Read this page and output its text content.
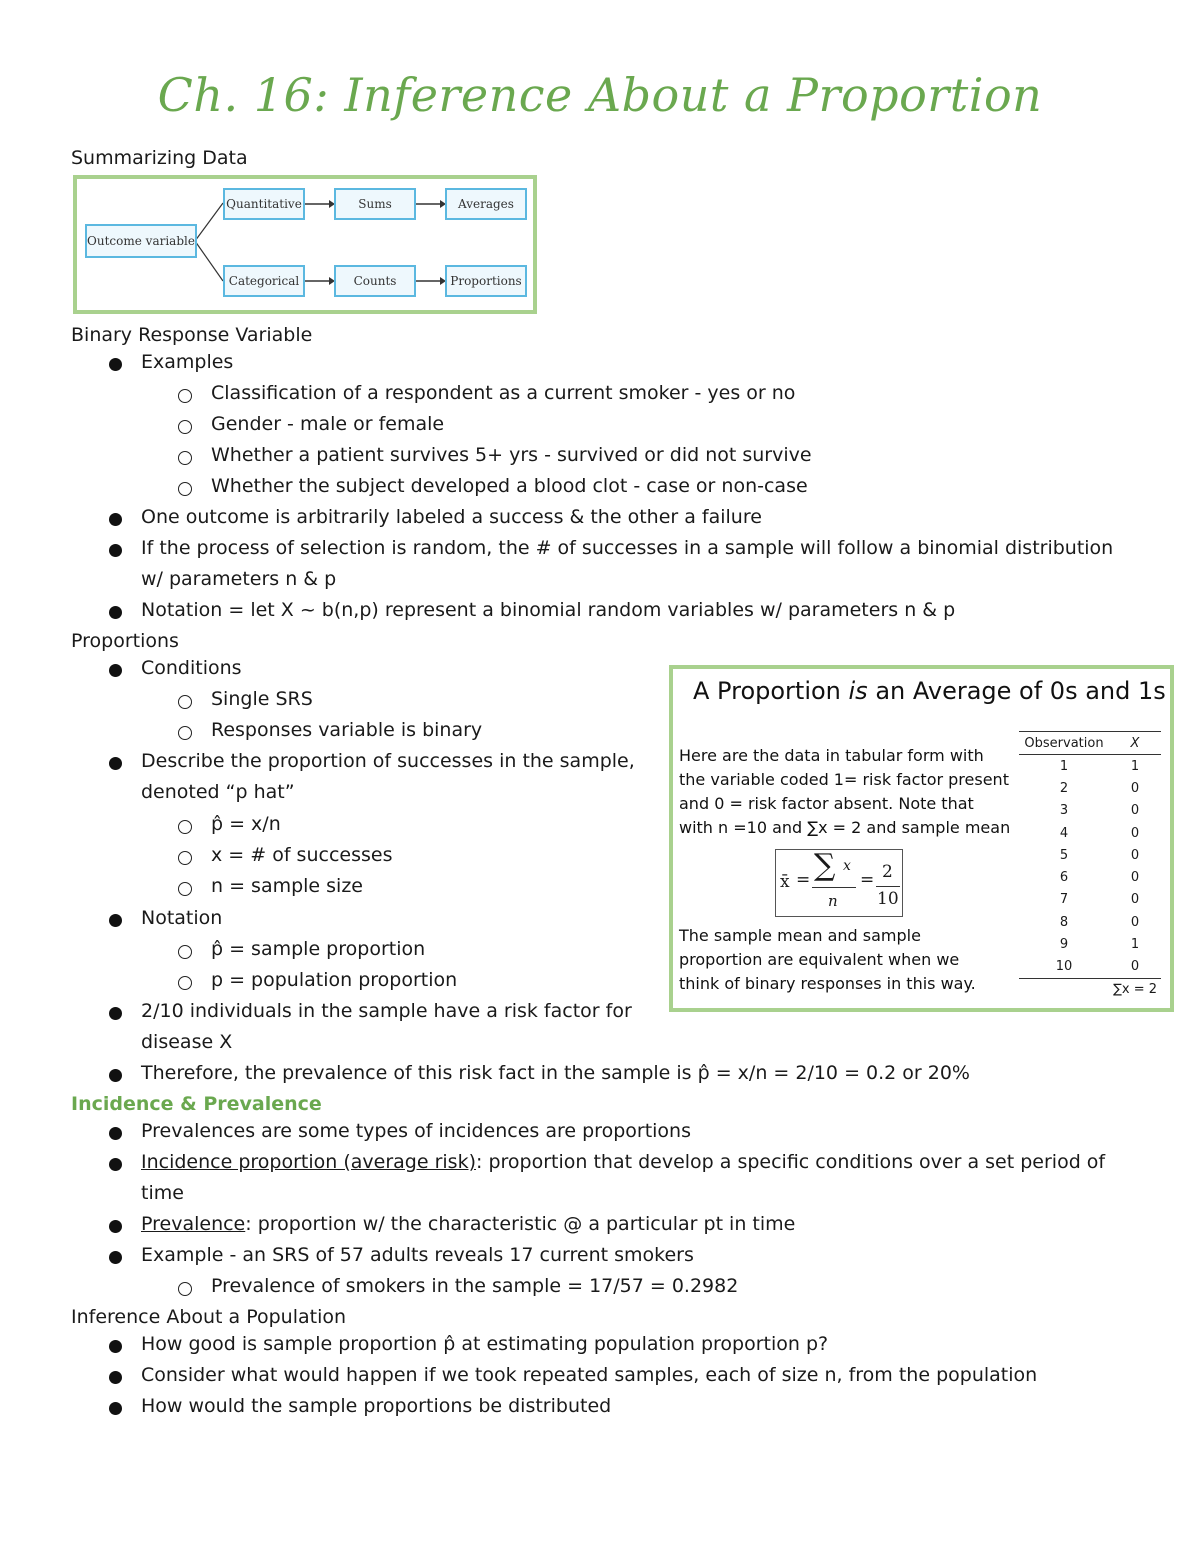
Ch. 16: Inference About a Proportion
Summarizing Data
Outcome variable
Quantitative	Sums	Averages
Categorical	Counts	Proportions
Binary Response Variable
Examples
Classification of a respondent as a current smoker - yes or no
Gender - male or female
Whether a patient survives 5+ yrs - survived or did not survive
Whether the subject developed a blood clot - case or non-case
One outcome is arbitrarily labeled a success & the other a failure
If the process of selection is random, the # of successes in a sample will follow a binomial distribution
w/ parameters n & p
Notation = let X ~ b(n,p) represent a binomial random variables w/ parameters n & p
Proportions
Conditions
Single SRS
Responses variable is binary
Describe the proportion of successes in the sample,
denoted “p hat”
p̂ = x/n
x = # of successes
n = sample size
Notation
p̂ = sample proportion
p = population proportion
2/10 individuals in the sample have a risk factor for
disease X
Therefore, the prevalence of this risk fact in the sample is p̂ = x/n = 2/10 = 0.2 or 20%
A Proportion is an Average of 0s and 1s
Here are the data in tabular form with
the variable coded 1= risk factor present
and 0 = risk factor absent. Note that
with n =10 and ∑x = 2 and sample mean
x̄ = ∑ x
n
= 2
10
The sample mean and sample
proportion are equivalent when we
think of binary responses in this way.
Observation	X
1	1
2	0
3	0
4	0
5	0
6	0
7	0
8	0
9	1
10	0
∑x = 2
Incidence & Prevalence
Prevalences are some types of incidences are proportions
Incidence proportion (average risk): proportion that develop a specific conditions over a set period of
time
Prevalence: proportion w/ the characteristic @ a particular pt in time
Example - an SRS of 57 adults reveals 17 current smokers
Prevalence of smokers in the sample = 17/57 = 0.2982
Inference About a Population
How good is sample proportion p̂ at estimating population proportion p?
Consider what would happen if we took repeated samples, each of size n, from the population
How would the sample proportions be distributed
